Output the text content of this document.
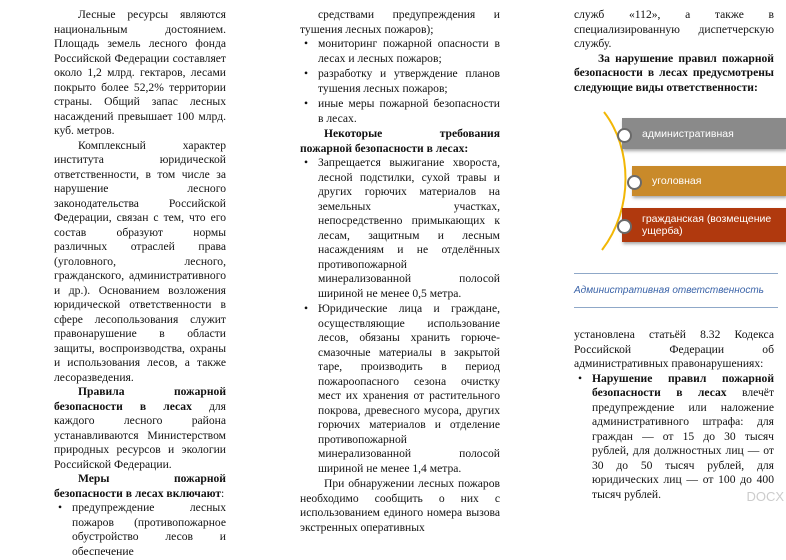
Лесные ресурсы являются национальным достоянием. Площадь земель лесного фонда Российской Федерации составляет около 1,2 млрд. гектаров, лесами покрыто более 52,2% территории страны. Общий запас лесных насаждений превышает 100 млрд. куб. метров.

Комплексный характер института юридической ответственности, в том числе за нарушение лесного законодательства Российской Федерации, связан с тем, что его состав образуют нормы различных отраслей права (уголовного, лесного, гражданского, административного и др.). Основанием возложения юридической ответственности в сфере лесопользования служит правонарушение в области защиты, воспроизводства, охраны и использования лесов, а также лесоразведения.

Правила пожарной безопасности в лесах для каждого лесного района устанавливаются Министерством природных ресурсов и экологии Российской Федерации.

Меры пожарной безопасности в лесах включают:

• предупреждение лесных пожаров (противопожарное обустройство лесов и обеспечение

средствами предупреждения и тушения лесных пожаров);

• мониторинг пожарной опасности в лесах и лесных пожаров;
• разработку и утверждение планов тушения лесных пожаров;
• иные меры пожарной безопасности в лесах.

Некоторые требования пожарной безопасности в лесах:

• Запрещается выжигание хвороста, лесной подстилки, сухой травы и других горючих материалов на земельных участках, непосредственно примыкающих к лесам, защитным и лесным насаждениям и не отделённых противопожарной минерализованной полосой шириной не менее 0,5 метра.
• Юридические лица и граждане, осуществляющие использование лесов, обязаны хранить горюче-смазочные материалы в закрытой таре, производить в период пожароопасного сезона очистку мест их хранения от растительного покрова, древесного мусора, других горючих материалов и отделение противопожарной минерализованной полосой шириной не менее 1,4 метра.

При обнаружении лесных пожаров необходимо сообщить о них с использованием единого номера вызова экстренных оперативных

служб «112», а также в специализированную диспетчерскую службу.

За нарушение правил пожарной безопасности в лесах предусмотрены следующие виды ответственности:

административная
уголовная
гражданская (возмещение ущерба)
Административная ответственность

установлена статьёй 8.32 Кодекса Российской Федерации об административных правонарушениях:

• Нарушение правил пожарной безопасности в лесах влечёт предупреждение или наложение административного штрафа: для граждан — от 15 до 30 тысяч рублей, для должностных лиц — от 30 до 50 тысяч рублей, для юридических лиц — от 100 до 400 тысяч рублей.	DOCX
